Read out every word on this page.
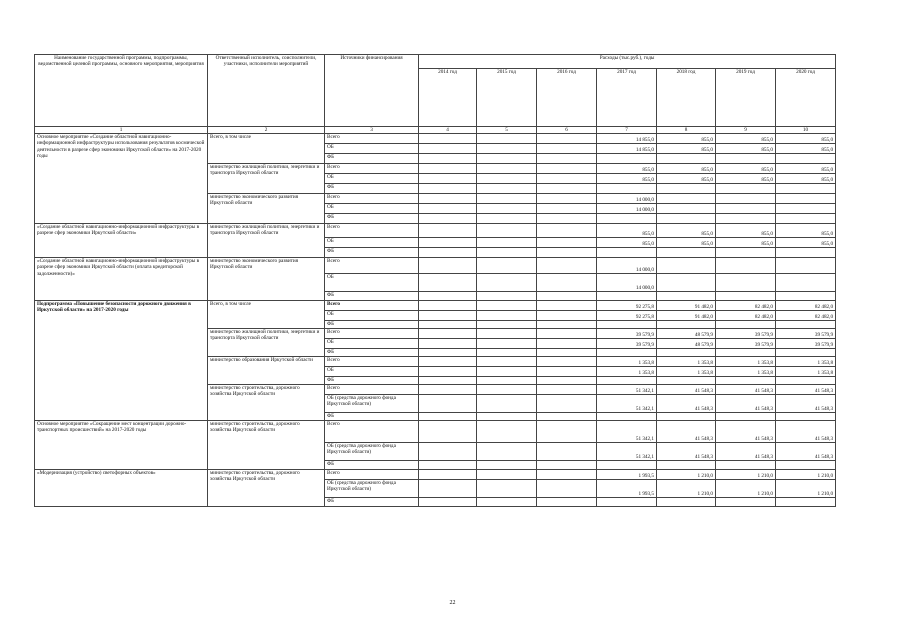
Наименование государственной программы, подпрограммы, ведомственной целевой программы, основного мероприятия, мероприятия	Ответственный исполнитель, соисполнители, участники, исполнители мероприятий	Источники финансирования	Расходы (тыс.руб.), годы						
			2014 год	2015 год	2016 год	2017 год	2018 год	2019 год	2020 год
1	2	3	4	5	6	7	8	9	10
Основное мероприятие «Создание областной навигационно-информационной инфраструктуры использования результатов космической деятельности в разрезе сфер экономики Иркутской области» на 2017-2020 годы	Всего, в том числе	Всего				14 855,0	855,0	855,0	855,0
		ОБ				14 855,0	855,0	855,0	855,0
		ФБ							
	министерство жилищной политики, энергетики и транспорта Иркутской области	Всего				855,0	855,0	855,0	855,0
		ОБ				855,0	855,0	855,0	855,0
		ФБ							
	министерство экономического развития Иркутской области	Всего				14 000,0			
		ОБ				14 000,0			
		ФБ							
«Создание областной навигационно-информационной инфраструктуры в разрезе сфер экономики Иркутской области»	министерство жилищной политики, энергетики и транспорта Иркутской области	Всего				855,0	855,0	855,0	855,0
		ОБ				855,0	855,0	855,0	855,0
		ФБ							
«Создание областной навигационно-информационной инфраструктуры в разрезе сфер экономики Иркутской области (оплата кредиторской задолженности)»	министерство экономического развития Иркутской области	Всего				14 000,0			
		ОБ				14 000,0			
		ФБ							
Подпрограмма «Повышение безопасности дорожного движения в Иркутской области» на 2017-2020 годы	Всего, в том числе	Всего				92 275,8	91 482,0	82 482,0	82 482,0
		ОБ				92 275,8	91 482,0	82 482,0	82 482,0
		ФБ							
	министерство жилищной политики, энергетики и транспорта Иркутской области	Всего				39 579,9	48 579,9	39 579,9	39 579,9
		ОБ				39 579,9	48 579,9	39 579,9	39 579,9
		ФБ							
	министерство образования Иркутской области	Всего				1 353,8	1 353,8	1 353,8	1 353,8
		ОБ				1 353,8	1 353,8	1 353,8	1 353,8
		ФБ							
	министерство строительства, дорожного хозяйства Иркутской области	Всего				51 342,1	41 548,3	41 548,3	41 548,3
		ОБ (средства дорожного фонда Иркутской области)				51 342,1	41 548,3	41 548,3	41 548,3
		ФБ							
Основное мероприятие «Сокращение мест концентрации дорожно-транспортных происшествий» на 2017-2020 годы	министерство строительства, дорожного хозяйства Иркутской области	Всего				51 342,1	41 548,3	41 548,3	41 548,3
		ОБ (средства дорожного фонда Иркутской области)				51 342,1	41 548,3	41 548,3	41 548,3
		ФБ							
«Модернизация (устройство) светофорных объектов»	министерство строительства, дорожного хозяйства Иркутской области	Всего				1 993,5	1 210,0	1 210,0	1 210,0
		ОБ (средства дорожного фонда Иркутской области)				1 993,5	1 210,0	1 210,0	1 210,0
		ФБ							
22
